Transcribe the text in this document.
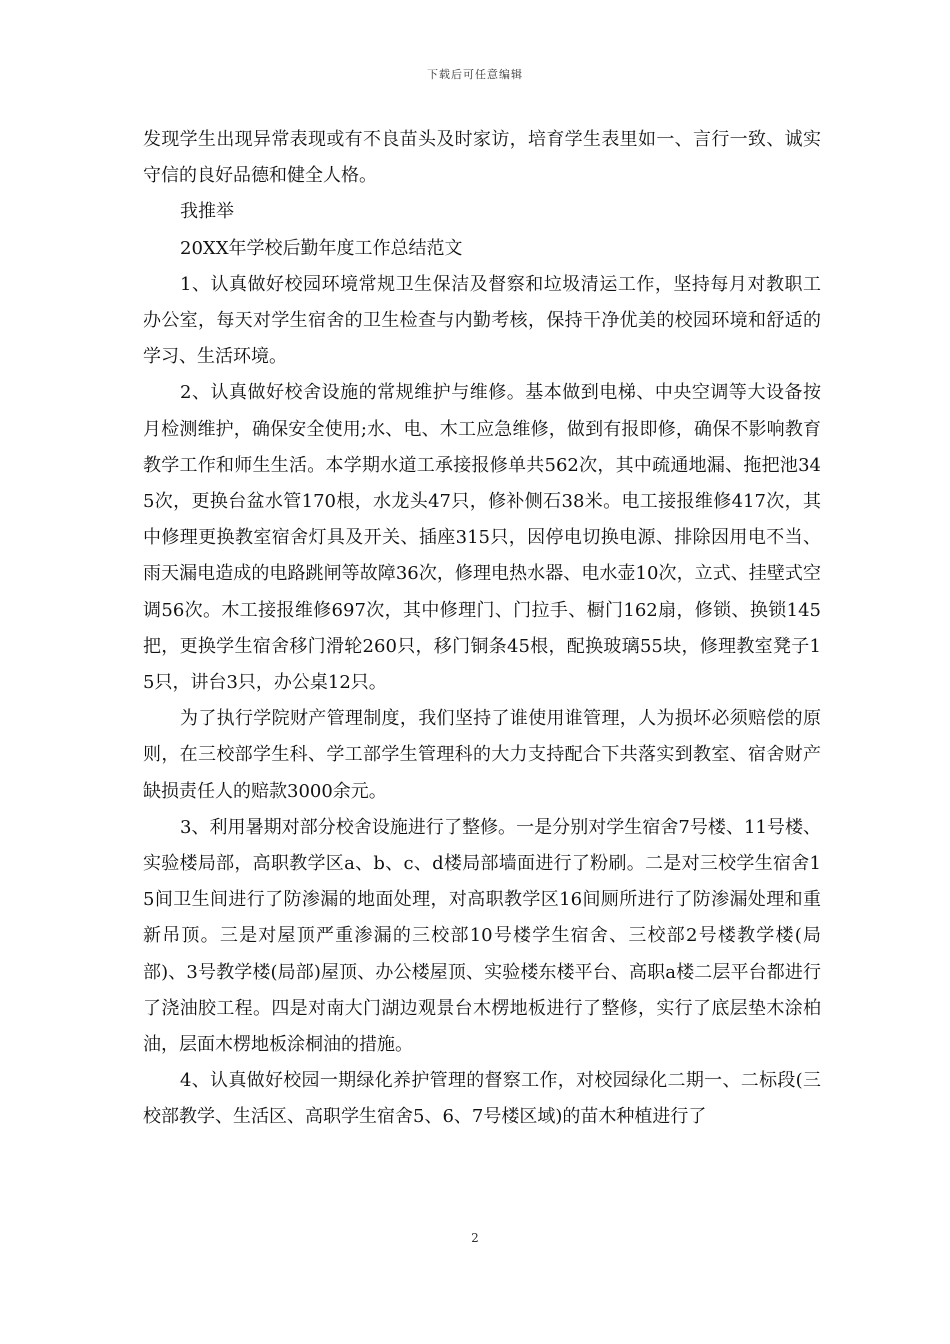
下载后可任意编辑

发现学生出现异常表现或有不良苗头及时家访，培育学生表里如一、言行一致、诚实守信的良好品德和健全人格。

我推举

20XX年学校后勤年度工作总结范文

1、认真做好校园环境常规卫生保洁及督察和垃圾清运工作，坚持每月对教职工办公室，每天对学生宿舍的卫生检查与内勤考核，保持干净优美的校园环境和舒适的学习、生活环境。

2、认真做好校舍设施的常规维护与维修。基本做到电梯、中央空调等大设备按月检测维护，确保安全使用;水、电、木工应急维修，做到有报即修，确保不影响教育教学工作和师生生活。本学期水道工承接报修单共562次，其中疏通地漏、拖把池345次，更换台盆水管170根，水龙头47只，修补侧石38米。电工接报维修417次，其中修理更换教室宿舍灯具及开关、插座315只，因停电切换电源、排除因用电不当、雨天漏电造成的电路跳闸等故障36次，修理电热水器、电水壶10次，立式、挂壁式空调56次。木工接报维修697次，其中修理门、门拉手、橱门162扇，修锁、换锁145把，更换学生宿舍移门滑轮260只，移门铜条45根，配换玻璃55块，修理教室凳子15只，讲台3只，办公桌12只。

为了执行学院财产管理制度，我们坚持了谁使用谁管理，人为损坏必须赔偿的原则，在三校部学生科、学工部学生管理科的大力支持配合下共落实到教室、宿舍财产缺损责任人的赔款3000余元。

3、利用暑期对部分校舍设施进行了整修。一是分别对学生宿舍7号楼、11号楼、实验楼局部，高职教学区a、b、c、d楼局部墙面进行了粉刷。二是对三校学生宿舍15间卫生间进行了防渗漏的地面处理，对高职教学区16间厕所进行了防渗漏处理和重新吊顶。三是对屋顶严重渗漏的三校部10号楼学生宿舍、三校部2号楼教学楼(局部)、3号教学楼(局部)屋顶、办公楼屋顶、实验楼东楼平台、高职a楼二层平台都进行了浇油胶工程。四是对南大门湖边观景台木楞地板进行了整修，实行了底层垫木涂柏油，层面木楞地板涂桐油的措施。

4、认真做好校园一期绿化养护管理的督察工作，对校园绿化二期一、二标段(三校部教学、生活区、高职学生宿舍5、6、7号楼区域)的苗木种植进行了

2
